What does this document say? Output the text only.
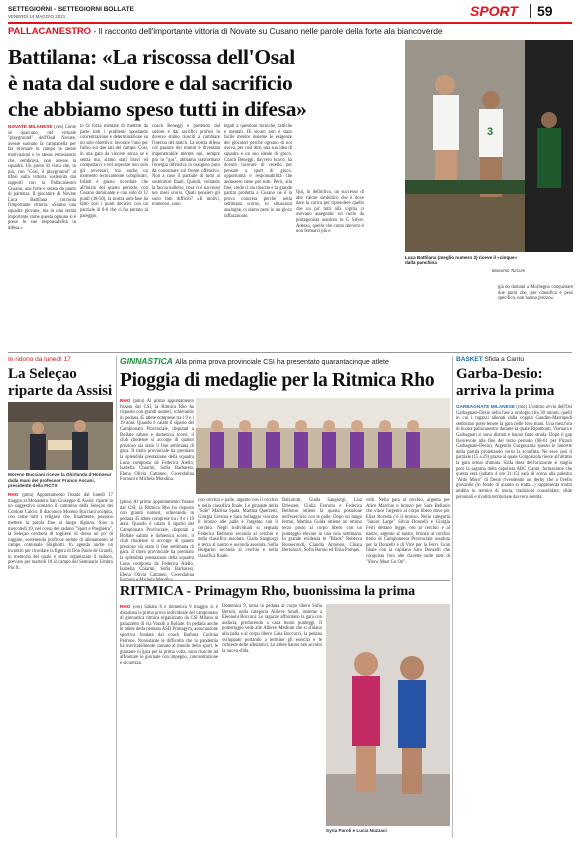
SETTEGIORNI - SETTEGIORNI BOLLATE
VENERDÌ 14 MAGGIO 2021	SPORT 59
PALLACANESTRO - Il racconto dell'importante vittoria di Novate su Cusano nelle parole della forte ala biancoverde
Battilana: «La riscossa dell'Osal
è nata dal sudore e dal sacrificio
che abbiamo speso tutti in difesa»
3
Luca Battilana (meglio numero 3) riceve il «cinque» dalla panchina
Massimo Turconi
NOVATE MILANESE (ces) Come se qualcuno, nel virtuale "playground" dell'Osal Novate, avesse suonato la campanella per far ritornare in campo le stesse motivazioni e lo stesso entusiasmo che, sembrava, non avesse la squadra. Un punto di vista che, in più, con "Cosí, il playground" ai tifosi sulla vittoria sostenuta dai rapporti con la Pallacanestro Cusano, una forte e serata da punto di partenza. Il giocatore di Novate Luca Battilana racconta l'importante vittoria: «Siamo una squadra giovane, ma in una serata importante come questa ognuno si è preso le sue responsabilità in difesa.»
to fa forza mentale di mettere da parte tutti i problemi spostando concentrazione e determinazione su un solo obiettivo: lavorare l'uno per l'altro sul due lati del campo. Così, in una gara da vincere senza se e senza ma, siamo stati bravi ed compattarci e nel superare non solo gli avversari, ma anche un momento tecnicamente complicato. Infatti è giusto ricordare che all'inizio del quarto periodo, con Cusano dominante e con solo di 12 punti (38-50), la nostra anti-fase ha fatto così i punti decisivi con un parziale di 8-0 che ci ha portato al pareggio.
coach Beneggi e partendo dal sudore e dai sacrifici profusi in diverso stamo riusciti a cambiare l'inerzia del match. La nostra difesa col passare dei minuti è diventata impenetrabile mentre noi, sempre più in "gas", abbiamo trasformato l'energia difensiva in ossigeno puro da consumare sul fronte offensivo. Non a caso il parziale di tutto ai sostenitori finali. Quindi, voltando la faccia indietro, cosa vi è successo nei mesi scorsi. Quali pensieri gli sono fatti difficili? «Il motivi, numerosi, sono
legati a questioni tecniche, tattiche e mentali. Di sicuro non è stato facile mentre insieme le esigenze dei giocatori perché ognuno di noi aveva, per così dire, una sua idea di squadra e un suo ideale di gioco. Coach Beneggi, davvero bravo, ha dovuto lavorare di cesello per pensare a sport di gioco, opportunità e responsabilità che andassero bene per tutti. Però, alla fine, credo ci sia riuscito e la grande partita prodotta a Cusano ne è la prova concreta perché nella settimana scorse, in situazioni analoghe, ci siamo persi in un gioco raffazzonato.
Qui, in definitiva, un successo di alto valore simbolico che è dove dare la carica per riprendere quello che un po' tutti alla vigilia ci avevano assegnato: un ruolo da protagonista assoluto in C Silver. Adesso, quello che conta davvero è non fermarci più e
già do domani a Morbegno conquistare due punti che, per classifica e peso specifico, non hanno prezzo».
In ridono da lunedì 17
La Seleçao riparte da Assisi
Moreno Bucciani riceve la Ghirlanda d'Honneur dalla mani del professor Franco Ascani, presidente della FICTS
RHO (pmu) Appuntamento fissato dal lunedì 17 maggio al Monastero San Giuseppe di Assisi: riparte in un suggestivo scenario il cammino della Seleçao dei Cordoni Calcio. Il diaconice Moreno Bucciani scolpita, con come tutti i religiosi che, finalmente, possono mettere la parola fine al lungo digiuno. Sino a mercoledì 19, nel corso del raduno "Sport e Preghiera", la Seleçao cercherà di togliersi di dosso un po' di ruggine, sostenendo proficue sedute di allenamento al campo comunale Sbigliotti. In agenda anche un incontro per ricordare la figura di Don Paolo de Grandi, in memoria del quale è stato organizzato il raduno, previsto per martedì 18 al campo del Seminario Umbro Pio X.
GINNASTICA Alla prima prova provinciale CSI ha presentato quarantacinque atlete
Pioggia di medaglie per la Ritmica Rho
RHO (pmu) Al primo appuntamento fissato dal CSI, la Ritmica Rho ha risposto con grandi numeri, schierando in pedana 45 atlete comprese tra i 9 e i 19 anni. Quando è calato il sipario del Campionato Provinciale, disputati a Bollate sabato e domenica scorsi, il club rhodense si accorge di quanto prezioso sia stato il fine settimana di gara. Il titolo provinciale ha premiato la splendida prestazione della squadra Luna composta da Federica Aiello, Isabella Chiarini, Sofia Barbaresi, Elena Olivia Cattaneo, Gwendalina Fornoni e Michela Mondina.
(pmu) Al primo appuntamento fissato dal CSI, la Ritmica Rho ha risposto con grandi numeri, schierando in pedana 45 atlete comprese tra i 9 e i 19 anni. Quando è calato il sipario del Campionato Provinciale, disputati a Bollate sabato e domenica scorsi, il club rhodense si accorge di quanto prezioso sia stato il fine settimana di gara. Il titolo provinciale ha premiato la splendida prestazione della squadra Luna composta da Federica Aiello, Isabella Chiarini, Sofia Barbaresi, Elena Olivia Cattaneo, Gwendalina
con cerchio e palle, argento con il cerchio e nella classifica finale. Le ginnaste della "Sole" Martina Spata, Martina Querzetti, Giorgia Cresina e Sara Sollaggio vincono il bronzo alle palle e l'argento con il cerchio. Negli individuali si segnala Federica Bellomo seconda al cerchio e nella classifica assoluta. Giada Sangiorgi è terza al nastro e seconda assoluta. Sofia Bulgarini seconda al cerchio e nella classifica finale.
Balzarotti, Giada Sangiorgi, Lisa Driessen, Giulia Ferrario e Federica Bellomo ottiene la quarta posizione nell'esercizio con le palle. Dopo un lungo fermo, Martina Guida ottiene un ottimo terzo posto al corpo libero con un punteggio elevato in una sola settimana. In grande evidenza le "Black" Rebecca Bonsecondi, Claudia Antonon, Chiara Bertolozzi, Sofia Baroni ed Elisa Pompei.
velli. Nella gara al cerchio, argento per Alice Marchio e bronzo per Sara Bellasio che vince l'argento al corpo libero dove per Elisa Roveda c'è il bronzo. Nella categoria "Junior Large" Silvia Donzelli e Giorgia Ferri dettano legge: oro al cerchio e al nastro, argento al nastro, bronzo al cerchio titolo di Campionessa Provinciale assoluta per la Donzelli e di Vice per la Ferri. Gran finale con la capitana Sara Donzelli che conquista l'oro alle clavette sulle note di "Show Must Go On".
RITMICA - Primagym Rho, buonissima la prima
RHO (ces) Sabato 8 e domenica 9 maggio si è disputata la prima prova individuale del campionato di ginnastica ritmica organizzato da CSI Milano al palazzetto di via Varalli a Bollate. In pedana anche le atlete della neonata ASD Primagym, associazione sportiva fondata dal coach Barbara Corinna Perrone. Nonostante le difficoltà che la pandemia ha inevitabilmente causato al mondo dello sport, le ginnaste in gara per la prima volta, sono riuscite ad affrontare le giornate con impegno, concentrazione e sicurezza.
Domenica 9, torna in pedana al corpo libero Sofia Bertoli, nella categoria Allieve Small, insieme a Eleonora Boccuni. Le ragazze affrontano la gara con audacia, producendo a casa buoni punteggi. Il pomeriggio vede alle Allieve Medium che si sfidano alla palla e al corpo libero Gaia Boccucci, la pedana sviluppato portando a termine gli esercizi e le richieste delle allenatrici. Le atlete hanno ben accolto la nuova sfida.
Syria Paroli e Lucia Nuzzaci
BASKET Sfida a Cantù
Garba-Desio: arriva la prima
GARBAGNATE MILANESE (rmo) L'ottimo avvio dell'Osl Garbagnate-Desio nella fase a orologio (fra 30 minuti, quelli in cui i ragazzi allenati dalla coppia Gaudini-Marrapodi sembrano poter tenere la gara nelle loro mani. Una mezz'ora di buona pallacanestro durante la quale Ripamonti, Vismara e Garbagnati si sono distinti e hanno fatto strada. Dopo il gap favorevole alla fine del terzo periodo (68-61 per Pizzoli Garbagnate-Desio), Argentin Gorgonzola spesso le lancette della partita proiettando verso la sconfitta. Ne esce così il parziale (15 a 29) grazie al quale Gorgonzola riesce all'ultimo la gara ormai sfumata. Sulla linea dell'orizzonte si staglia però la sagoma della capolista ABC Cantù, formazione che questa sera (sabato 4 ore 21:15) sarà di scena alla palestra "Aldo Moro" di Desio rivendendo un derby che a livello giovanile (in fondo di quanto si tratta...) rappresenta molto ambita in termini di storia, tradizioni consolidate, sfide personali e rivalità territoriale davvero sentita.
